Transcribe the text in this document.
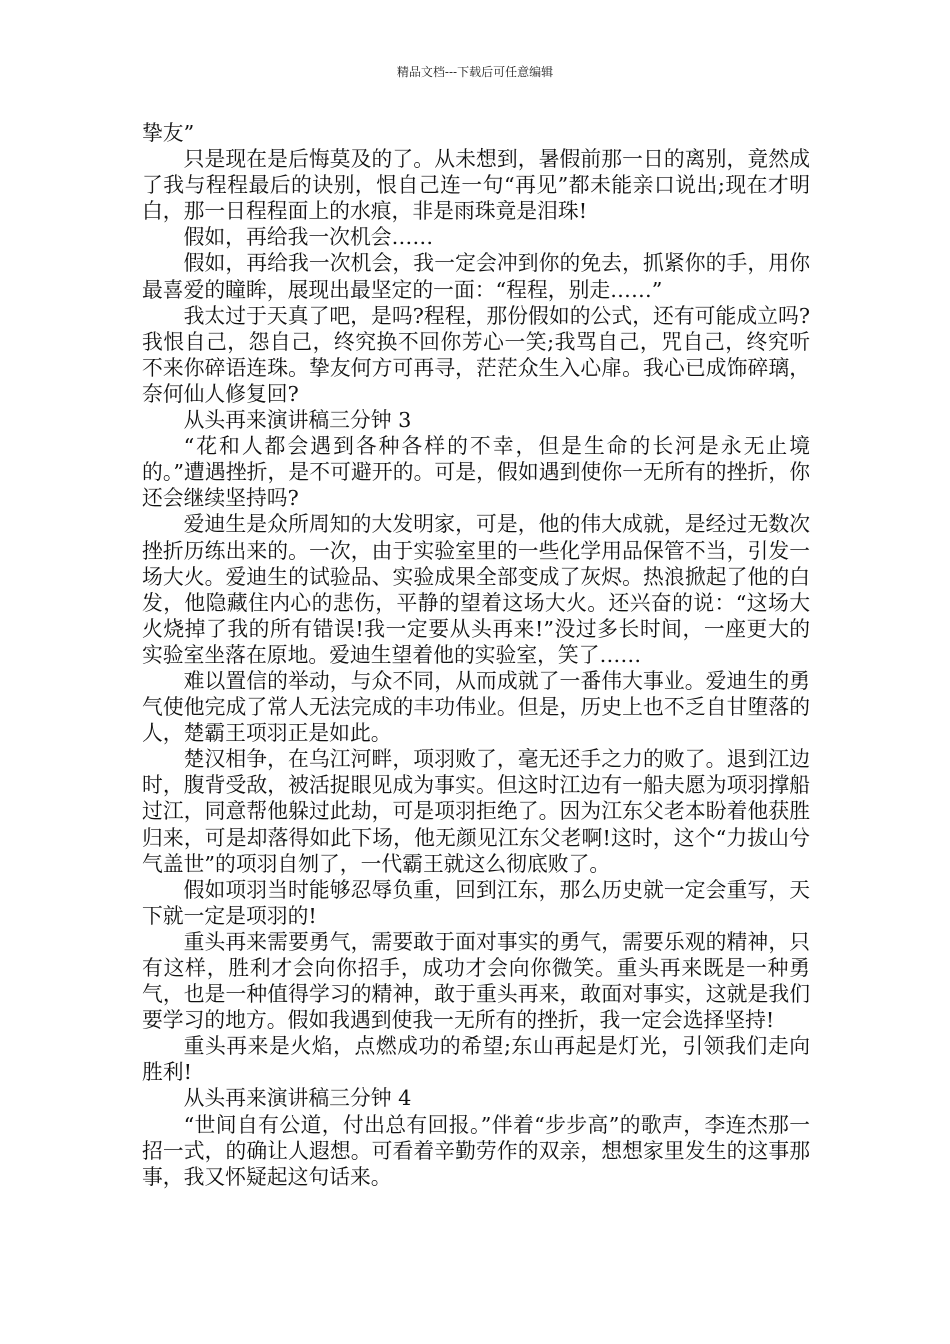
精品文档---下载后可任意编辑

挚友”

只是现在是后悔莫及的了。从未想到，暑假前那一日的离别，竟然成了我与程程最后的诀别，恨自己连一句“再见”都未能亲口说出;现在才明白，那一日程程面上的水痕，非是雨珠竟是泪珠!

假如，再给我一次机会……

假如，再给我一次机会，我一定会冲到你的免去，抓紧你的手，用你最喜爱的瞳眸，展现出最坚定的一面：“程程，别走……”

我太过于天真了吧，是吗?程程，那份假如的公式，还有可能成立吗?我恨自己，怨自己，终究换不回你芳心一笑;我骂自己，咒自己，终究听不来你碎语连珠。挚友何方可再寻，茫茫众生入心扉。我心已成饰碎璃，奈何仙人修复回?

从头再来演讲稿三分钟 3

“花和人都会遇到各种各样的不幸，但是生命的长河是永无止境的。”遭遇挫折，是不可避开的。可是，假如遇到使你一无所有的挫折，你还会继续坚持吗?

爱迪生是众所周知的大发明家，可是，他的伟大成就，是经过无数次挫折历练出来的。一次，由于实验室里的一些化学用品保管不当，引发一场大火。爱迪生的试验品、实验成果全部变成了灰烬。热浪掀起了他的白发，他隐藏住内心的悲伤，平静的望着这场大火。还兴奋的说：“这场大火烧掉了我的所有错误!我一定要从头再来!”没过多长时间，一座更大的实验室坐落在原地。爱迪生望着他的实验室，笑了……

难以置信的举动，与众不同，从而成就了一番伟大事业。爱迪生的勇气使他完成了常人无法完成的丰功伟业。但是，历史上也不乏自甘堕落的 人，楚霸王项羽正是如此。

楚汉相争，在乌江河畔，项羽败了，毫无还手之力的败了。退到江边时，腹背受敌，被活捉眼见成为事实。但这时江边有一船夫愿为项羽撑船过江，同意帮他躲过此劫，可是项羽拒绝了。因为江东父老本盼着他获胜归来，可是却落得如此下场，他无颜见江东父老啊!这时，这个“力拔山兮气盖世”的项羽自刎了，一代霸王就这么彻底败了。

假如项羽当时能够忍辱负重，回到江东，那么历史就一定会重写，天下就一定是项羽的!

重头再来需要勇气，需要敢于面对事实的勇气，需要乐观的精神，只有这样，胜利才会向你招手，成功才会向你微笑。重头再来既是一种勇气，也是一种值得学习的精神，敢于重头再来，敢面对事实，这就是我们要学习的地方。假如我遇到使我一无所有的挫折，我一定会选择坚持!

重头再来是火焰，点燃成功的希望;东山再起是灯光，引领我们走向胜利!

从头再来演讲稿三分钟 4

“世间自有公道，付出总有回报。”伴着“步步高”的歌声，李连杰那一招一式，的确让人遐想。可看着辛勤劳作的双亲，想想家里发生的这事那事，我又怀疑起这句话来。
